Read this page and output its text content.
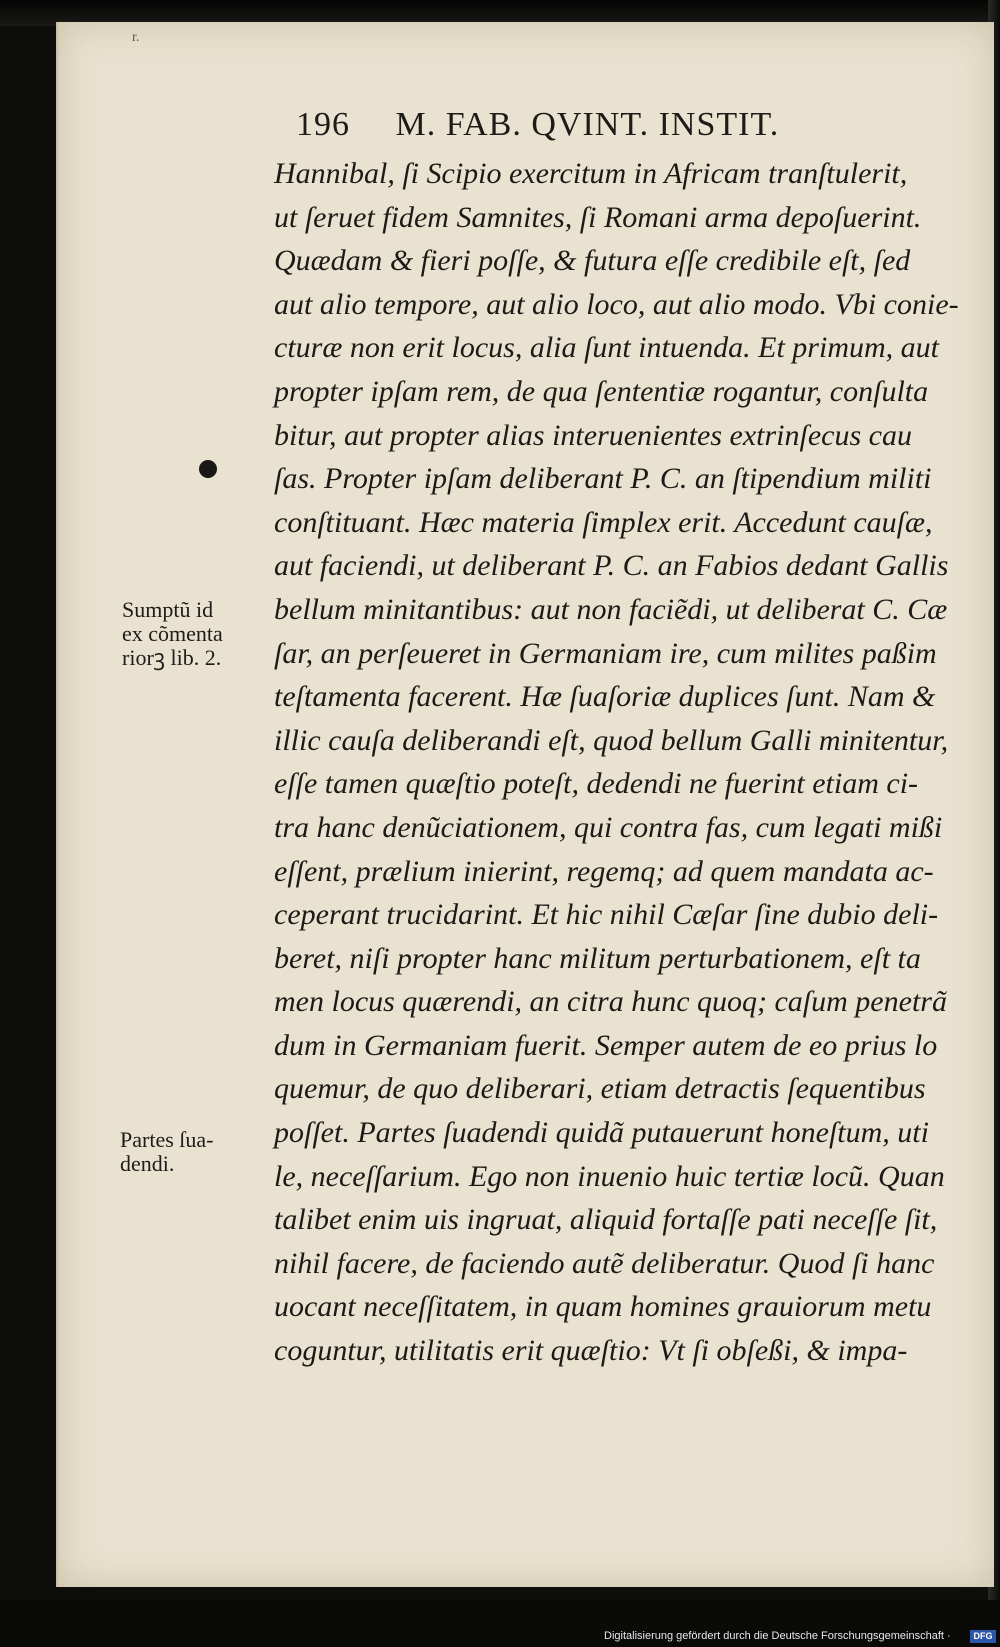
r.
196 M. FAB. QVINT. INSTIT.
Sumptũ id
ex cõmenta
riorꝫ lib. 2.
Partes ſua-
dendi.
Hannibal, ſi Scipio exercitum in Africam tranſtulerit,
ut ſeruet fidem Samnites, ſi Romani arma depoſuerint.
Quædam & fieri poſſe, & futura eſſe credibile eſt, ſed
aut alio tempore, aut alio loco, aut alio modo. Vbi conie-
cturæ non erit locus, alia ſunt intuenda. Et primum, aut
propter ipſam rem, de qua ſententiæ rogantur, conſulta
bitur, aut propter alias interuenientes extrinſecus cau
ſas. Propter ipſam deliberant P. C. an ſtipendium militi
conſtituant. Hæc materia ſimplex erit. Accedunt cauſæ,
aut faciendi, ut deliberant P. C. an Fabios dedant Gallis
bellum minitantibus: aut non faciẽdi, ut deliberat C. Cæ
ſar, an perſeueret in Germaniam ire, cum milites paßim
teſtamenta facerent. Hæ ſuaſoriæ duplices ſunt. Nam &
illic cauſa deliberandi eſt, quod bellum Galli minitentur,
eſſe tamen quæſtio poteſt, dedendi ne fuerint etiam ci-
tra hanc denũciationem, qui contra fas, cum legati mißi
eſſent, prælium inierint, regemq; ad quem mandata ac-
ceperant trucidarint. Et hic nihil Cæſar ſine dubio deli-
beret, niſi propter hanc militum perturbationem, eſt ta
men locus quærendi, an citra hunc quoq; caſum penetrã
dum in Germaniam fuerit. Semper autem de eo prius lo
quemur, de quo deliberari, etiam detractis ſequentibus
poſſet. Partes ſuadendi quidã putauerunt honeſtum, uti
le, neceſſarium. Ego non inuenio huic tertiæ locũ. Quan
talibet enim uis ingruat, aliquid fortaſſe pati neceſſe ſit,
nihil facere, de faciendo autẽ deliberatur. Quod ſi hanc
uocant neceſſitatem, in quam homines grauiorum metu
coguntur, utilitatis erit quæſtio: Vt ſi obſeßi, & impa-
Digitalisierung gefördert durch die Deutsche Forschungsgemeinschaft ·	DFG
